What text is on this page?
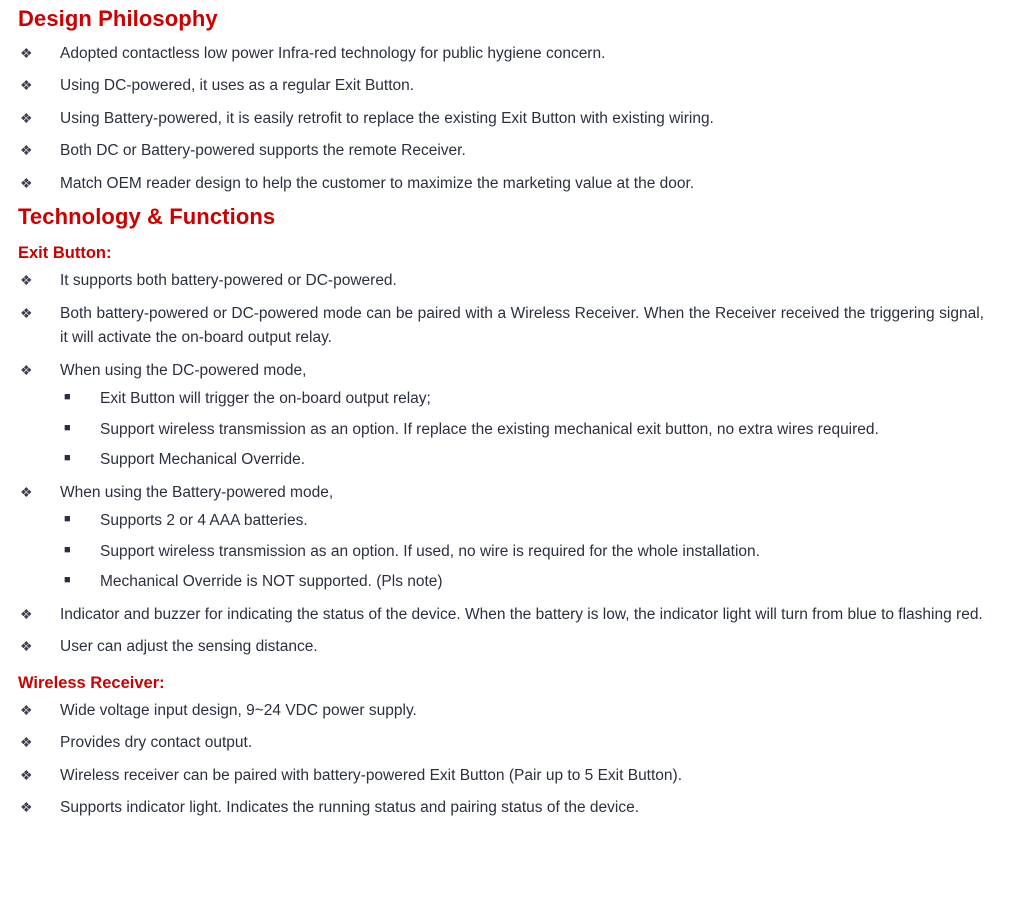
Design Philosophy
❖ Adopted contactless low power Infra-red technology for public hygiene concern.
❖ Using DC-powered, it uses as a regular Exit Button.
❖ Using Battery-powered, it is easily retrofit to replace the existing Exit Button with existing wiring.
❖ Both DC or Battery-powered supports the remote Receiver.
❖ Match OEM reader design to help the customer to maximize the marketing value at the door.
Technology & Functions
Exit Button:
❖ It supports both battery-powered or DC-powered.
❖ Both battery-powered or DC-powered mode can be paired with a Wireless Receiver. When the Receiver received the triggering signal, it will activate the on-board output relay.
❖ When using the DC-powered mode,
■ Exit Button will trigger the on-board output relay;
■ Support wireless transmission as an option. If replace the existing mechanical exit button, no extra wires required.
■ Support Mechanical Override.
❖ When using the Battery-powered mode,
■ Supports 2 or 4 AAA batteries.
■ Support wireless transmission as an option. If used, no wire is required for the whole installation.
■ Mechanical Override is NOT supported. (Pls note)
❖ Indicator and buzzer for indicating the status of the device. When the battery is low, the indicator light will turn from blue to flashing red.
❖ User can adjust the sensing distance.
Wireless Receiver:
❖ Wide voltage input design, 9~24 VDC power supply.
❖ Provides dry contact output.
❖ Wireless receiver can be paired with battery-powered Exit Button (Pair up to 5 Exit Button).
❖ Supports indicator light. Indicates the running status and pairing status of the device.
